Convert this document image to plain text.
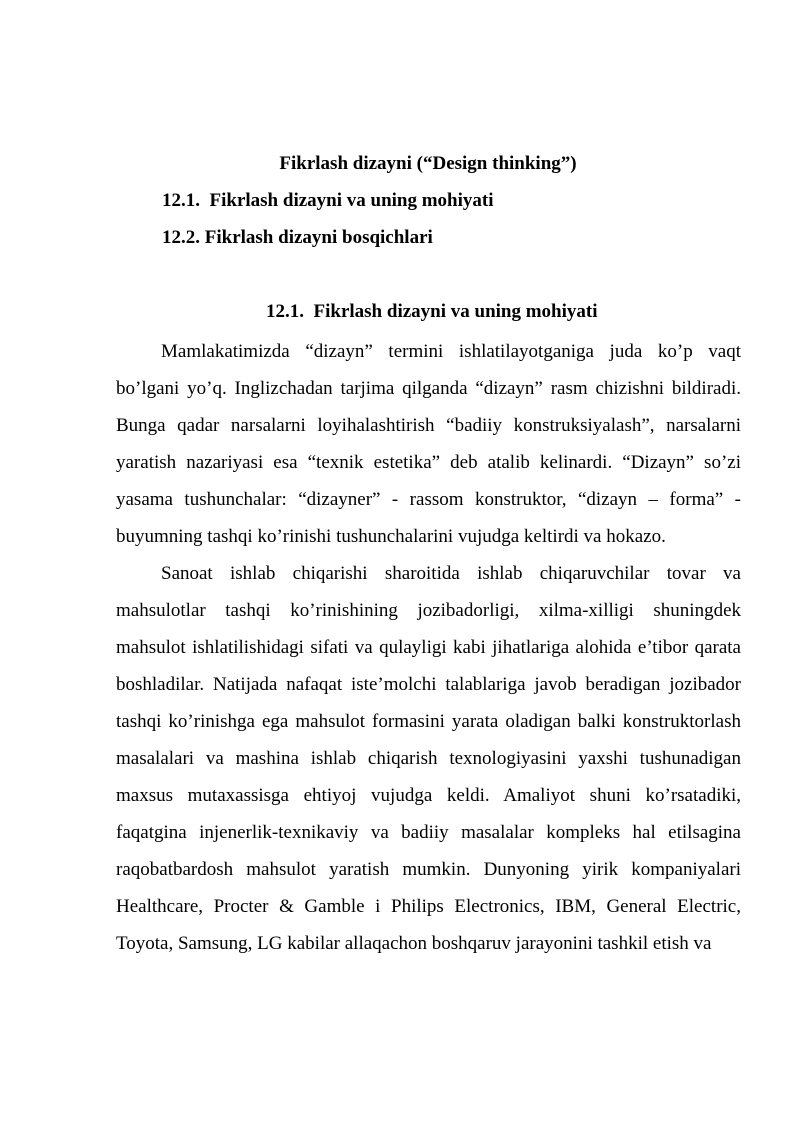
Fikrlash dizayni (“Design thinking”)

12.1.  Fikrlash dizayni va uning mohiyati

12.2. Fikrlash dizayni bosqichlari

12.1.  Fikrlash dizayni va uning mohiyati

Mamlakatimizda “dizayn” termini ishlatilayotganiga juda ko’p vaqt bo’lgani yo’q. Inglizchadan tarjima qilganda “dizayn” rasm chizishni bildiradi. Bunga qadar narsalarni loyihalashtirish “badiiy konstruksiyalash”, narsalarni yaratish nazariyasi esa “texnik estetika” deb atalib kelinardi. “Dizayn” so’zi yasama tushunchalar: “dizayner” - rassom konstruktor, “dizayn – forma” - buyumning tashqi ko’rinishi tushunchalarini vujudga keltirdi va hokazo.

Sanoat ishlab chiqarishi sharoitida ishlab chiqaruvchilar tovar va mahsulotlar tashqi ko’rinishining jozibadorligi, xilma-xilligi shuningdek mahsulot ishlatilishidagi sifati va qulayligi kabi jihatlariga alohida e’tibor qarata boshladilar. Natijada nafaqat iste’molchi talablariga javob beradigan jozibador tashqi ko’rinishga ega mahsulot formasini yarata oladigan balki konstruktorlash masalalari va mashina ishlab chiqarish texnologiyasini yaxshi tushunadigan maxsus mutaxassisga ehtiyoj vujudga keldi. Amaliyot shuni ko’rsatadiki, faqatgina injenerlik-texnikaviy va badiiy masalalar kompleks hal etilsagina raqobatbardosh mahsulot yaratish mumkin. Dunyoning yirik kompaniyalari Healthcare, Procter & Gamble i Philips Electronics, IBM, General Electric, Toyota, Samsung, LG kabilar allaqachon boshqaruv jarayonini tashkil etish va
